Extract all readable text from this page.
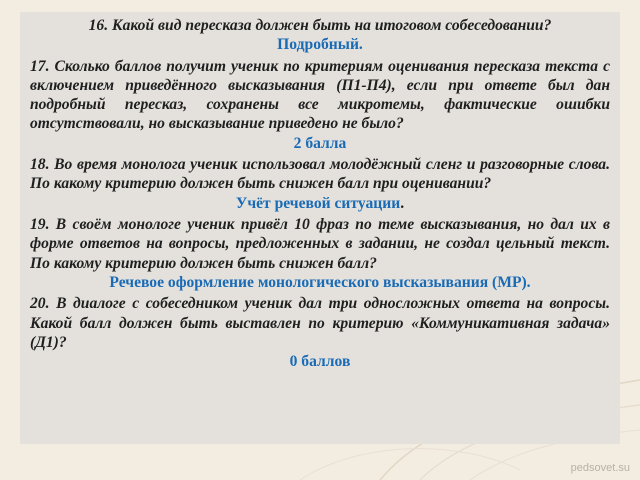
16. Какой вид пересказа должен быть на итоговом собеседовании?

Подробный.

17. Сколько баллов получит ученик по критериям оценивания пересказа текста с включением приведённого высказывания (П1-П4), если при ответе был дан подробный пересказ, сохранены все микротемы, фактические ошибки отсутствовали, но высказывание приведено не было?

2 балла

18. Во время монолога ученик использовал молодёжный сленг и разговорные слова. По какому критерию должен быть снижен балл при оценивании?

Учёт речевой ситуации.

19. В своём монологе ученик привёл 10 фраз по теме высказывания, но дал их в форме ответов на вопросы, предложенных в задании, не создал цельный текст. По какому критерию должен быть снижен балл?

Речевое оформление монологического высказывания (МР).

20. В диалоге с собеседником ученик дал три односложных ответа на вопросы. Какой балл должен быть выставлен по критерию «Коммуникативная задача» (Д1)?

0 баллов

pedsovet.su
